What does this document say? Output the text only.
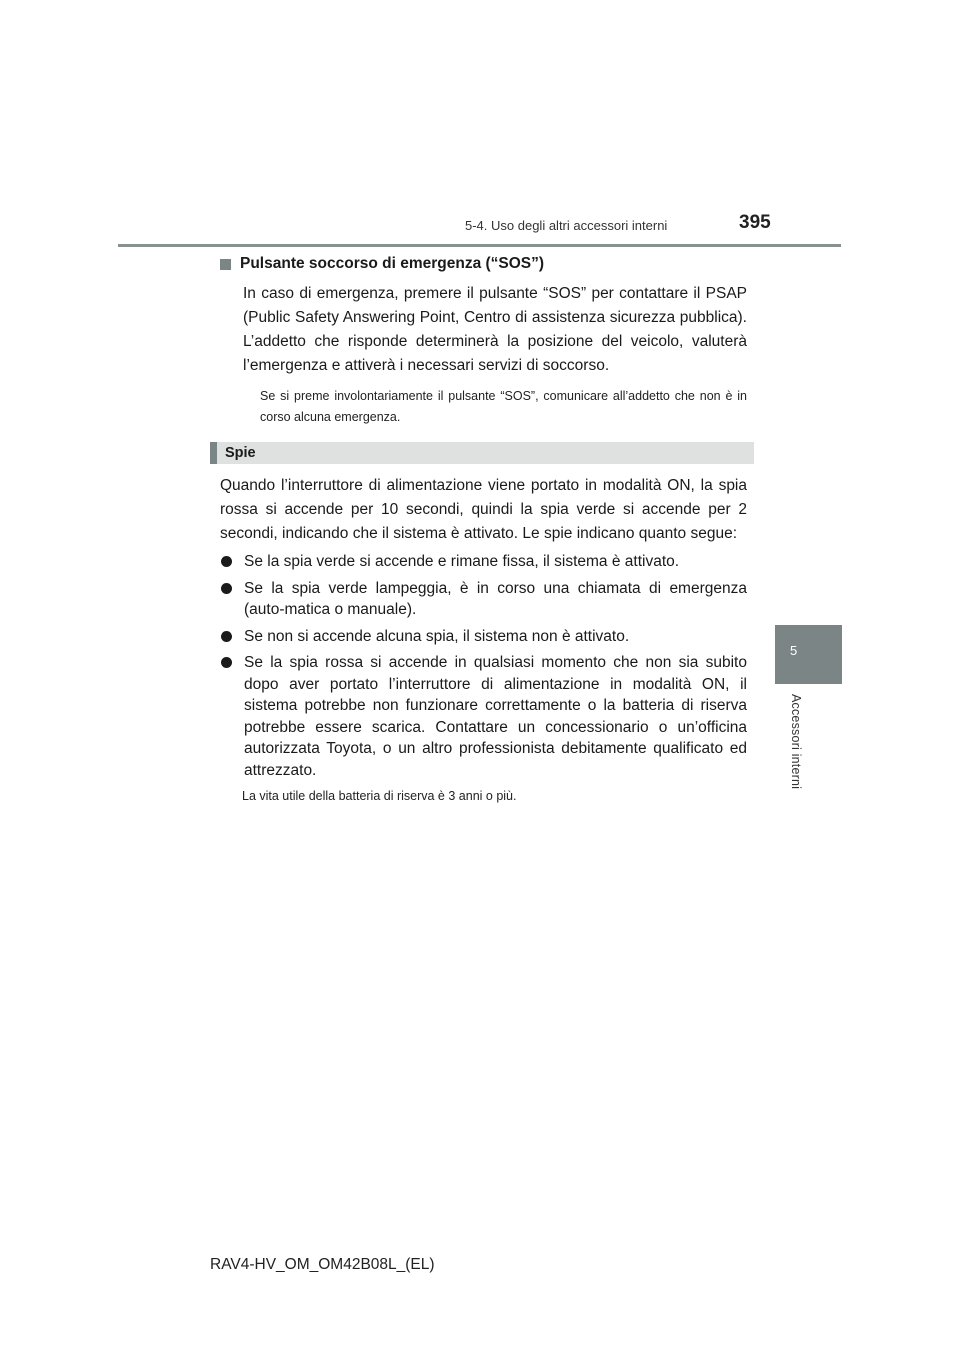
5-4. Uso degli altri accessori interni	395
5
Accessori interni
Pulsante soccorso di emergenza (“SOS”)

In caso di emergenza, premere il pulsante “SOS” per contattare il PSAP (Public Safety Answering Point, Centro di assistenza sicurezza pubblica). L’addetto che risponde determinerà la posizione del veicolo, valuterà l’emergenza e attiverà i necessari servizi di soccorso.

Se si preme involontariamente il pulsante “SOS”, comunicare all’addetto che non è in corso alcuna emergenza.

Spie

Quando l’interruttore di alimentazione viene portato in modalità ON, la spia rossa si accende per 10 secondi, quindi la spia verde si accende per 2 secondi, indicando che il sistema è attivato. Le spie indicano quanto segue:

Se la spia verde si accende e rimane fissa, il sistema è attivato.
Se la spia verde lampeggia, è in corso una chiamata di emergenza (auto-matica o manuale).
Se non si accende alcuna spia, il sistema non è attivato.
Se la spia rossa si accende in qualsiasi momento che non sia subito dopo aver portato l’interruttore di alimentazione in modalità ON, il sistema potrebbe non funzionare correttamente o la batteria di riserva potrebbe essere scarica. Contattare un concessionario o un’officina autorizzata Toyota, o un altro professionista debitamente qualificato ed attrezzato.

La vita utile della batteria di riserva è 3 anni o più.

RAV4-HV_OM_OM42B08L_(EL)
